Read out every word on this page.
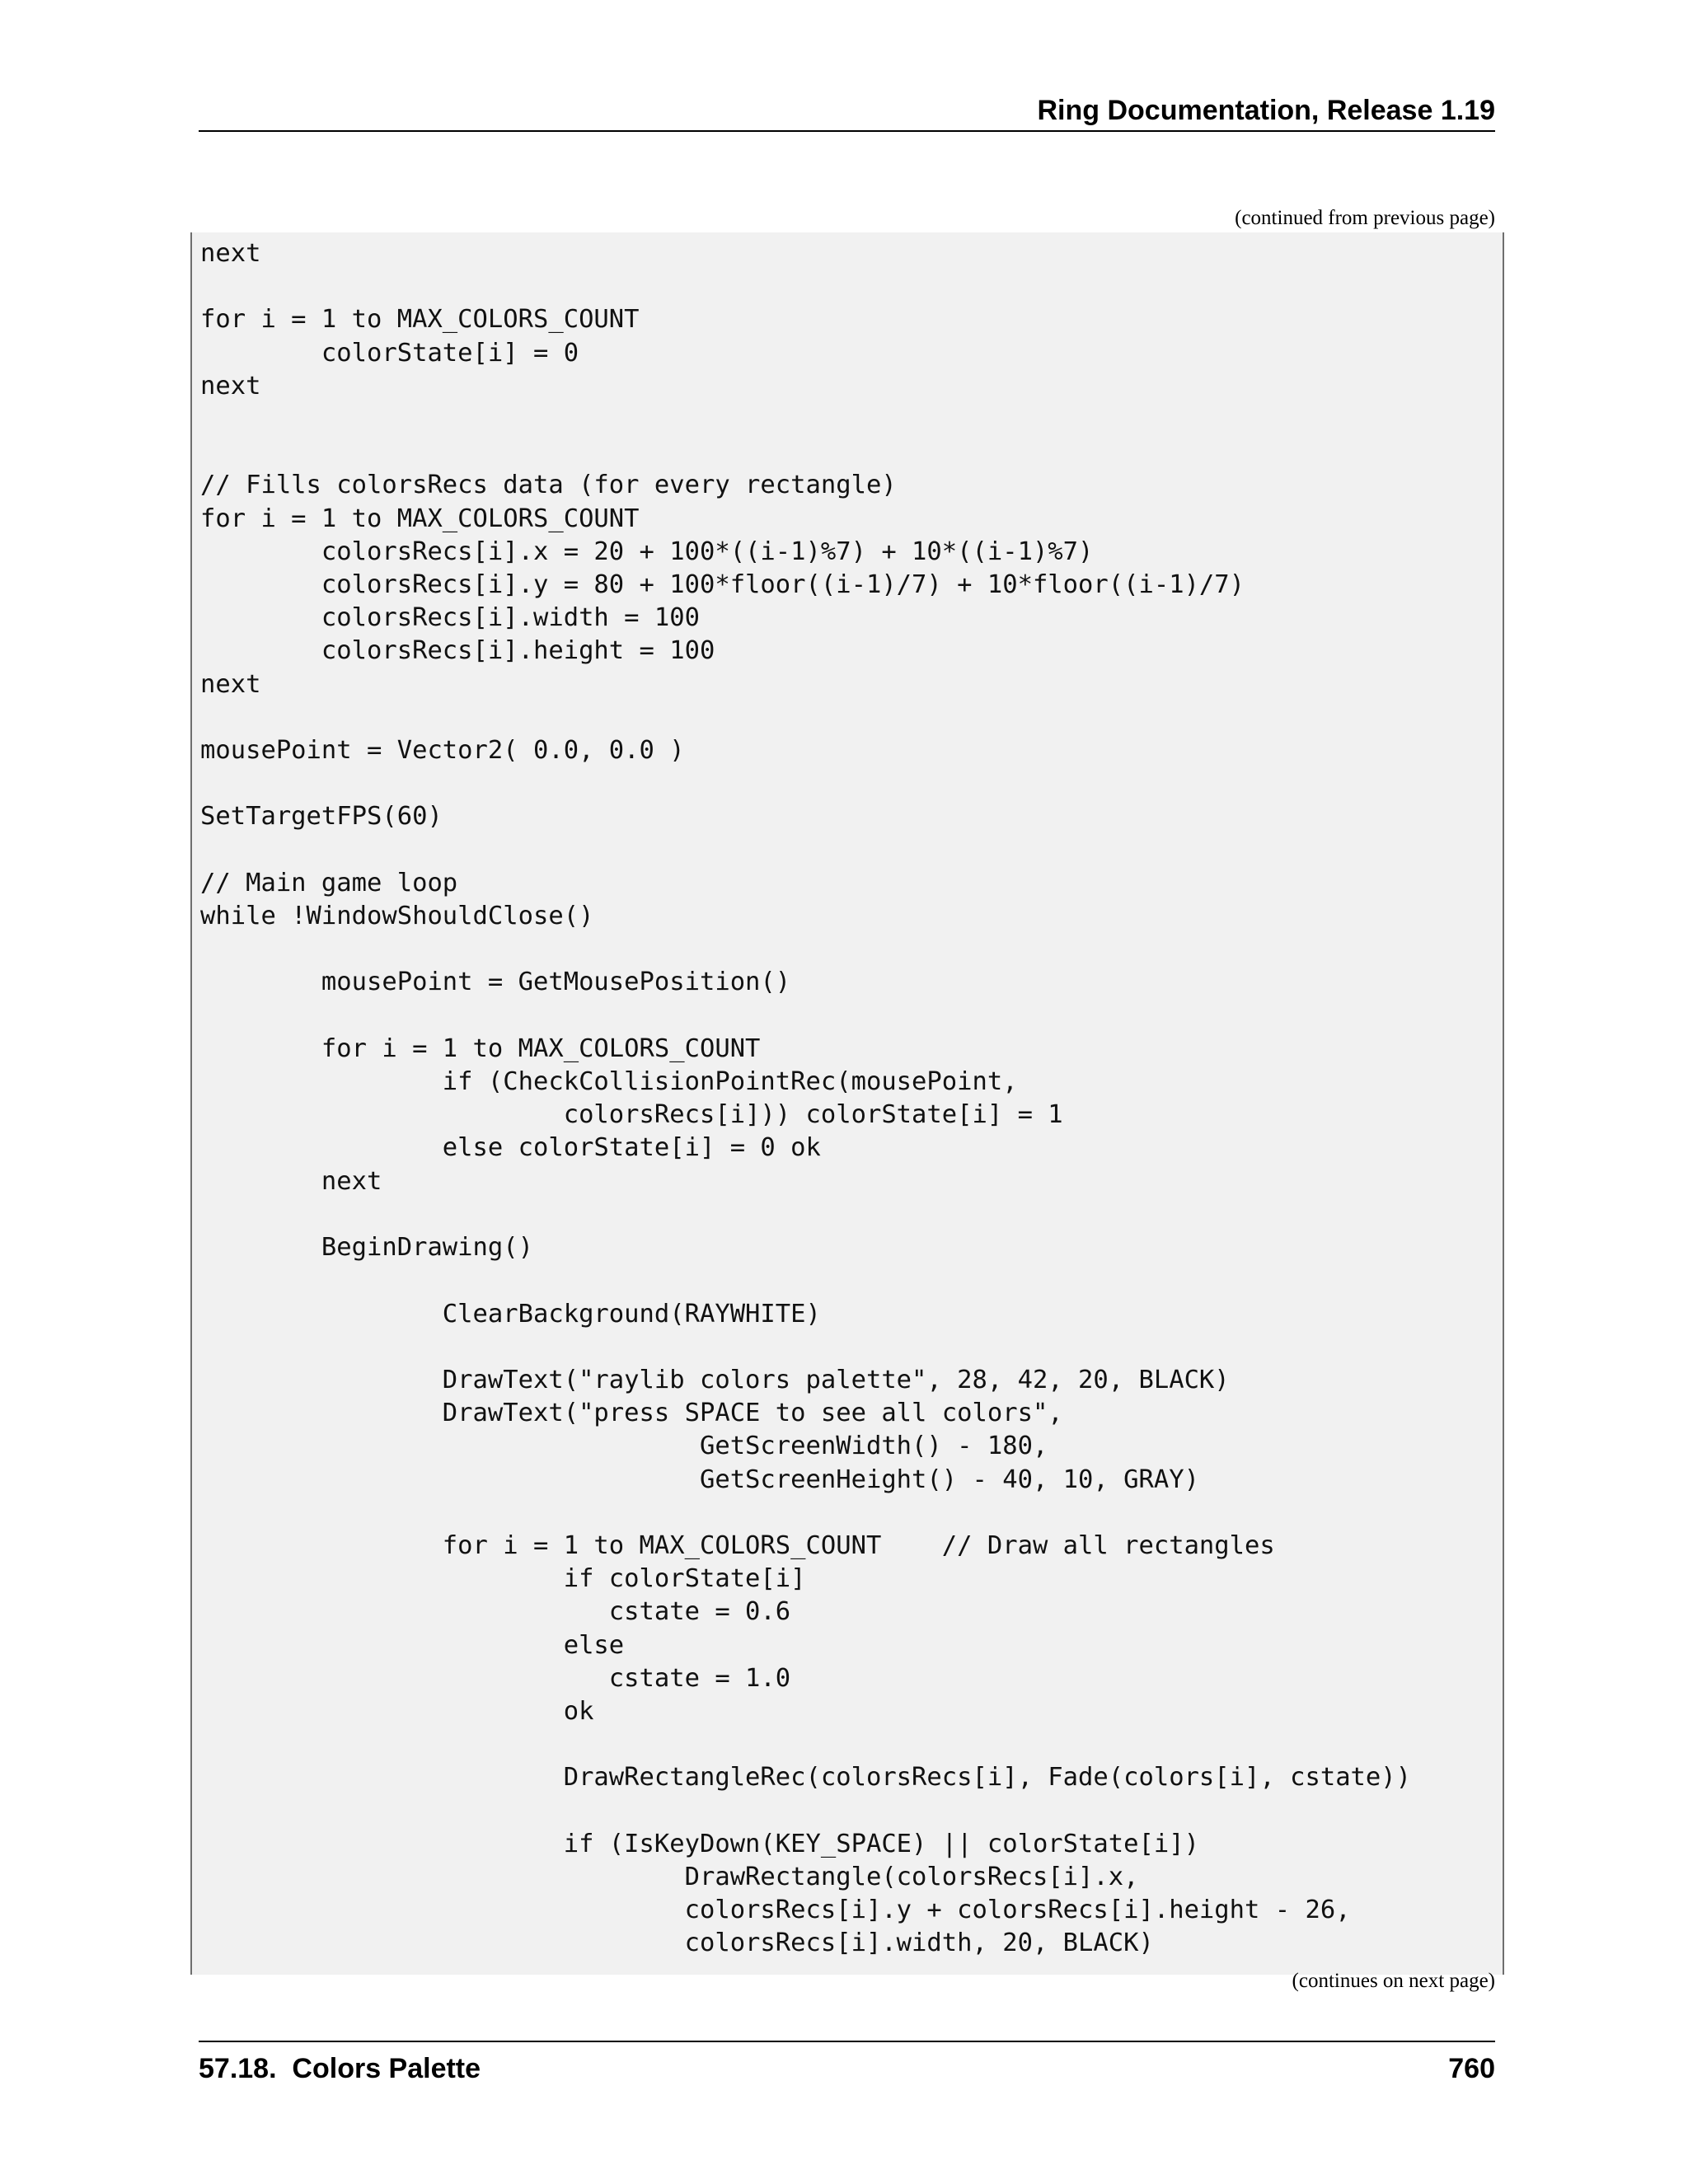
Ring Documentation, Release 1.19
(continued from previous page)
next

for i = 1 to MAX_COLORS_COUNT
colorState[i] = 0
next

// Fills colorsRecs data (for every rectangle)
for i = 1 to MAX_COLORS_COUNT
colorsRecs[i].x = 20 + 100*((i-1)%7) + 10*((i-1)%7)
colorsRecs[i].y = 80 + 100*floor((i-1)/7) + 10*floor((i-1)/7)
colorsRecs[i].width = 100
colorsRecs[i].height = 100
next

mousePoint = Vector2( 0.0, 0.0 )

SetTargetFPS(60)

// Main game loop
while !WindowShouldClose()

mousePoint = GetMousePosition()

for i = 1 to MAX_COLORS_COUNT
if (CheckCollisionPointRec(mousePoint,
colorsRecs[i])) colorState[i] = 1
else colorState[i] = 0 ok
next

BeginDrawing()

ClearBackground(RAYWHITE)

DrawText("raylib colors palette", 28, 42, 20, BLACK)
DrawText("press SPACE to see all colors",
GetScreenWidth() - 180,
GetScreenHeight() - 40, 10, GRAY)

for i = 1 to MAX_COLORS_COUNT    // Draw all rectangles
if colorState[i]
cstate = 0.6
else
cstate = 1.0
ok

DrawRectangleRec(colorsRecs[i], Fade(colors[i], cstate))

if (IsKeyDown(KEY_SPACE) || colorState[i])
DrawRectangle(colorsRecs[i].x,
colorsRecs[i].y + colorsRecs[i].height - 26,
colorsRecs[i].width, 20, BLACK)
(continues on next page)
57.18.  Colors Palette	760
